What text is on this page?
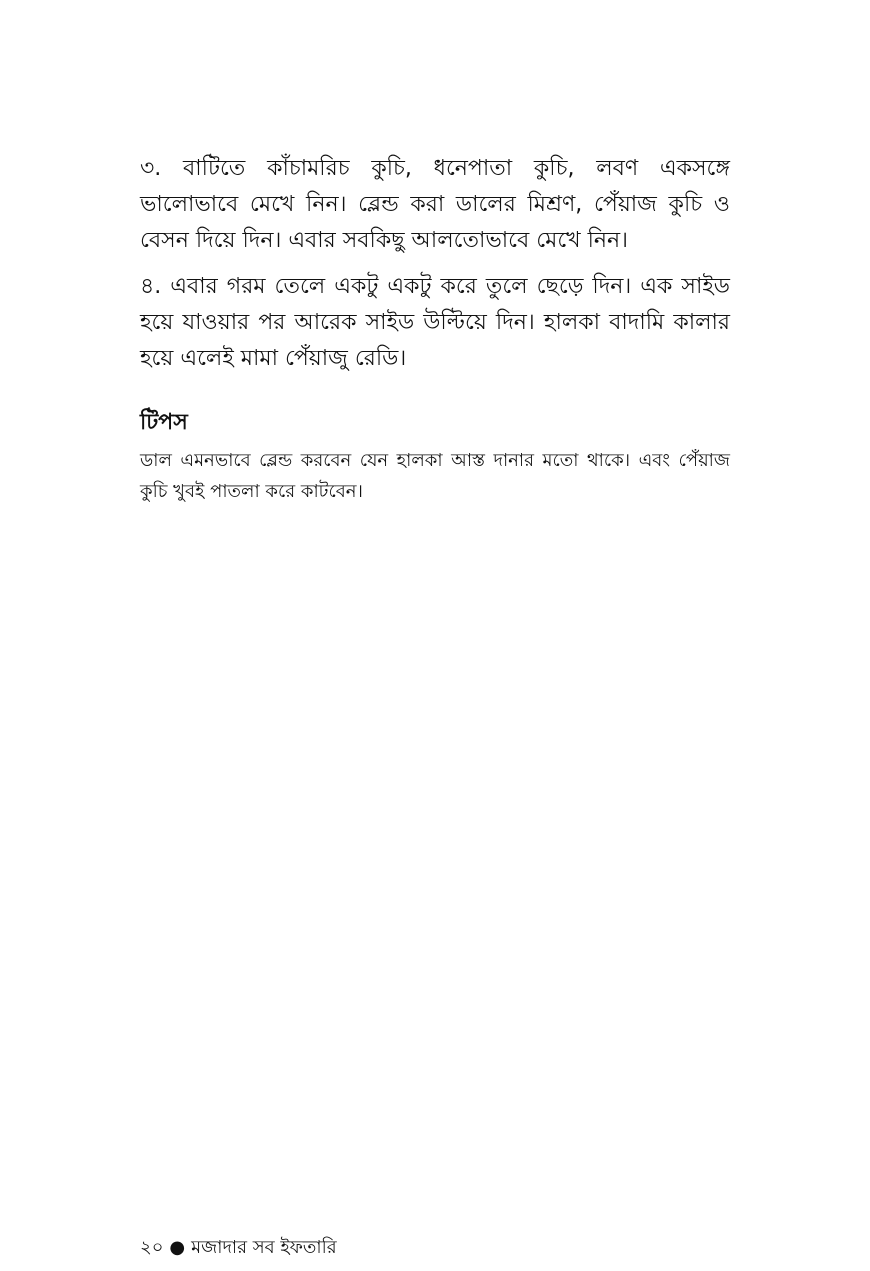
৩. বাটিতে কাঁচামরিচ কুচি, ধনেপাতা কুচি, লবণ একসঙ্গে ভালোভাবে মেখে নিন। ব্লেন্ড করা ডালের মিশ্রণ, পেঁয়াজ কুচি ও বেসন দিয়ে দিন। এবার সবকিছু আলতোভাবে মেখে নিন।

৪. এবার গরম তেলে একটু একটু করে তুলে ছেড়ে দিন। এক সাইড হয়ে যাওয়ার পর আরেক সাইড উল্টিয়ে দিন। হালকা বাদামি কালার হয়ে এলেই মামা পেঁয়াজু রেডি।

টিপস

ডাল এমনভাবে ব্লেন্ড করবেন যেন হালকা আস্ত দানার মতো থাকে। এবং পেঁয়াজ কুচি খুবই পাতলা করে কাটবেন।

২০ ● মজাদার সব ইফতারি
